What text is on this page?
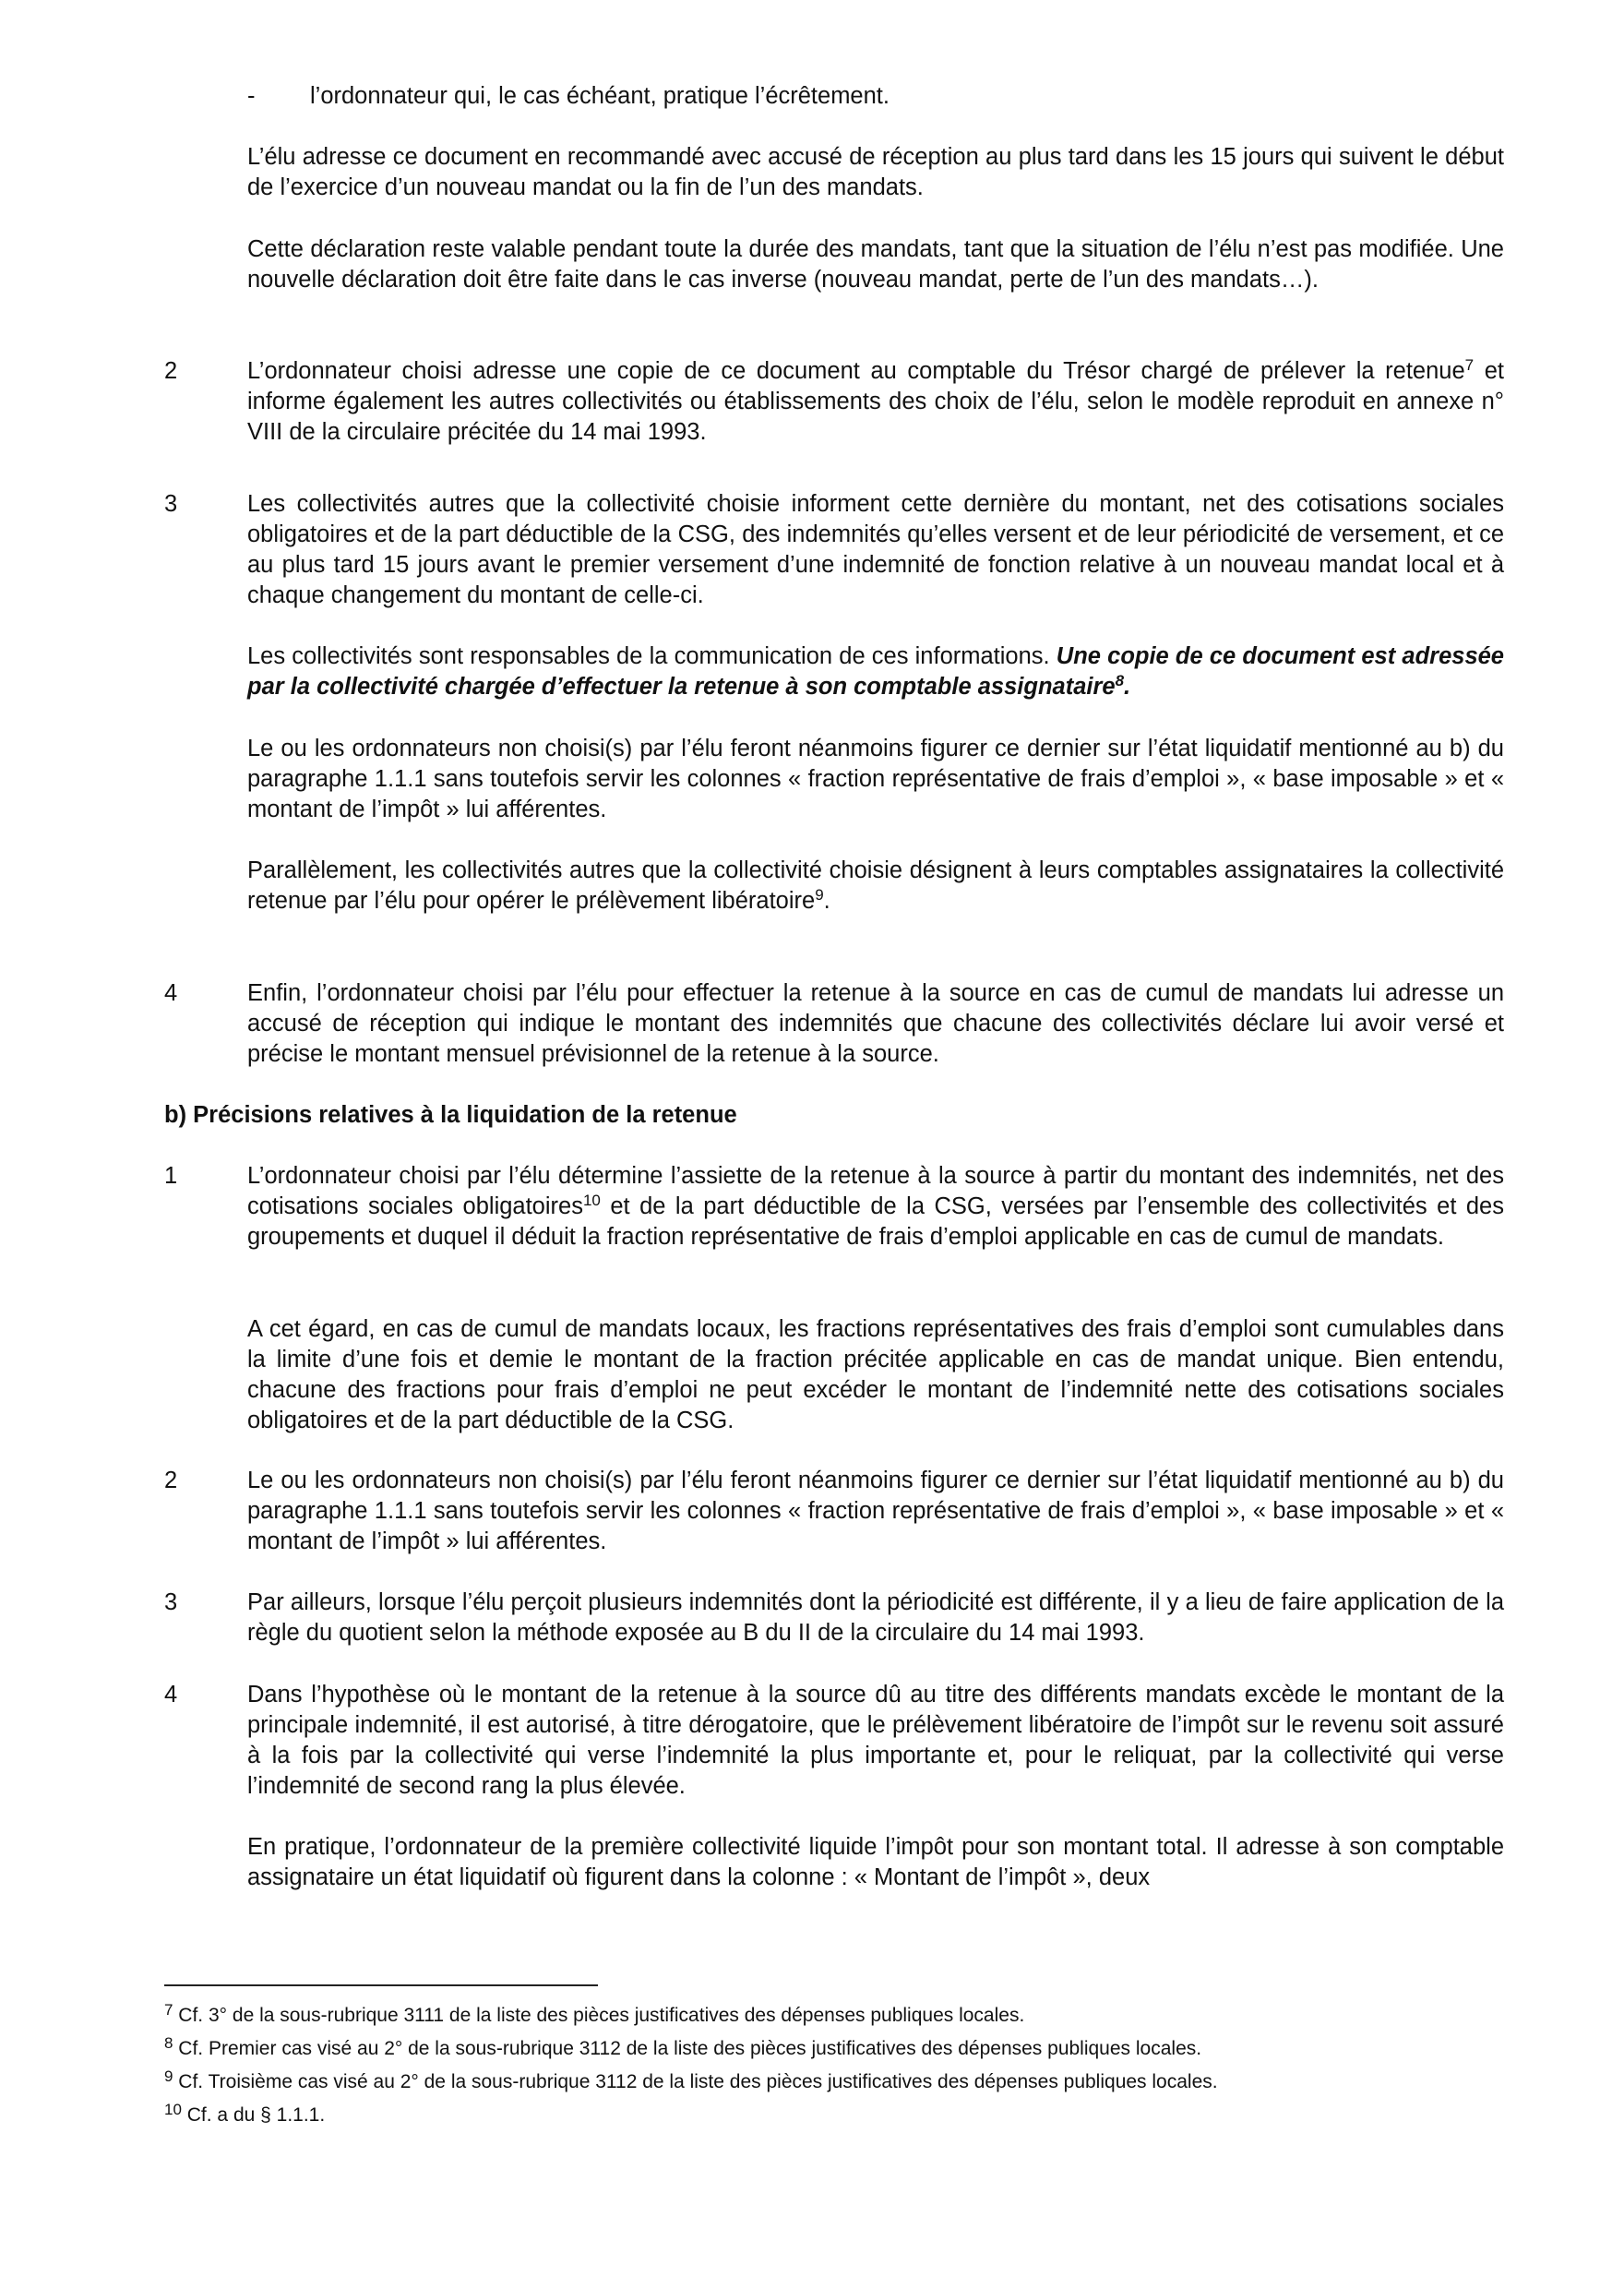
- l’ordonnateur qui, le cas échéant, pratique l’écrêtement.

L’élu adresse ce document en recommandé avec accusé de réception au plus tard dans les 15 jours qui suivent le début de l’exercice d’un nouveau mandat ou la fin de l’un des mandats.

Cette déclaration reste valable pendant toute la durée des mandats, tant que la situation de l’élu n’est pas modifiée. Une nouvelle déclaration doit être faite dans le cas inverse (nouveau mandat, perte de l’un des mandats…).

2	L’ordonnateur choisi adresse une copie de ce document au comptable du Trésor chargé de prélever la retenue$^7$ et informe également les autres collectivités ou établissements des choix de l’élu, selon le modèle reproduit en annexe n° VIII de la circulaire précitée du 14 mai 1993.

3	Les collectivités autres que la collectivité choisie informent cette dernière du montant, net des cotisations sociales obligatoires et de la part déductible de la CSG, des indemnités qu’elles versent et de leur périodicité de versement, et ce au plus tard 15 jours avant le premier versement d’une indemnité de fonction relative à un nouveau mandat local et à chaque changement du montant de celle-ci.

Les collectivités sont responsables de la communication de ces informations. Une copie de ce document est adressée par la collectivité chargée d’effectuer la retenue à son comptable assignataire$^8$.

Le ou les ordonnateurs non choisi(s) par l’élu feront néanmoins figurer ce dernier sur l’état liquidatif mentionné au b) du paragraphe 1.1.1 sans toutefois servir les colonnes « fraction représentative de frais d’emploi », « base imposable » et « montant de l’impôt » lui afférentes.

Parallèlement, les collectivités autres que la collectivité choisie désignent à leurs comptables assignataires la collectivité retenue par l’élu pour opérer le prélèvement libératoire$^9$.

4	Enfin, l’ordonnateur choisi par l’élu pour effectuer la retenue à la source en cas de cumul de mandats lui adresse un accusé de réception qui indique le montant des indemnités que chacune des collectivités déclare lui avoir versé et précise le montant mensuel prévisionnel de la retenue à la source.

b) Précisions relatives à la liquidation de la retenue

1	L’ordonnateur choisi par l’élu détermine l’assiette de la retenue à la source à partir du montant des indemnités, net des cotisations sociales obligatoires$^{10}$ et de la part déductible de la CSG, versées par l’ensemble des collectivités et des groupements et duquel il déduit la fraction représentative de frais d’emploi applicable en cas de cumul de mandats.

A cet égard, en cas de cumul de mandats locaux, les fractions représentatives des frais d’emploi sont cumulables dans la limite d’une fois et demie le montant de la fraction précitée applicable en cas de mandat unique. Bien entendu, chacune des fractions pour frais d’emploi ne peut excéder le montant de l’indemnité nette des cotisations sociales obligatoires et de la part déductible de la CSG.

2	Le ou les ordonnateurs non choisi(s) par l’élu feront néanmoins figurer ce dernier sur l’état liquidatif mentionné au b) du paragraphe 1.1.1 sans toutefois servir les colonnes « fraction représentative de frais d’emploi », « base imposable » et « montant de l’impôt » lui afférentes.

3	Par ailleurs, lorsque l’élu perçoit plusieurs indemnités dont la périodicité est différente, il y a lieu de faire application de la règle du quotient selon la méthode exposée au B du II de la circulaire du 14 mai 1993.

4	Dans l’hypothèse où le montant de la retenue à la source dû au titre des différents mandats excède le montant de la principale indemnité, il est autorisé, à titre dérogatoire, que le prélèvement libératoire de l’impôt sur le revenu soit assuré à la fois par la collectivité qui verse l’indemnité la plus importante et, pour le reliquat, par la collectivité qui verse l’indemnité de second rang la plus élevée.

En pratique, l’ordonnateur de la première collectivité liquide l’impôt pour son montant total. Il adresse à son comptable assignataire un état liquidatif où figurent dans la colonne : « Montant de l’impôt », deux

$^7$ Cf. 3° de la sous-rubrique 3111 de la liste des pièces justificatives des dépenses publiques locales.
$^8$ Cf. Premier cas visé au 2° de la sous-rubrique 3112 de la liste des pièces justificatives des dépenses publiques locales.
$^9$ Cf. Troisième cas visé au 2° de la sous-rubrique 3112 de la liste des pièces justificatives des dépenses publiques locales.
$^{10}$ Cf. a du § 1.1.1.
